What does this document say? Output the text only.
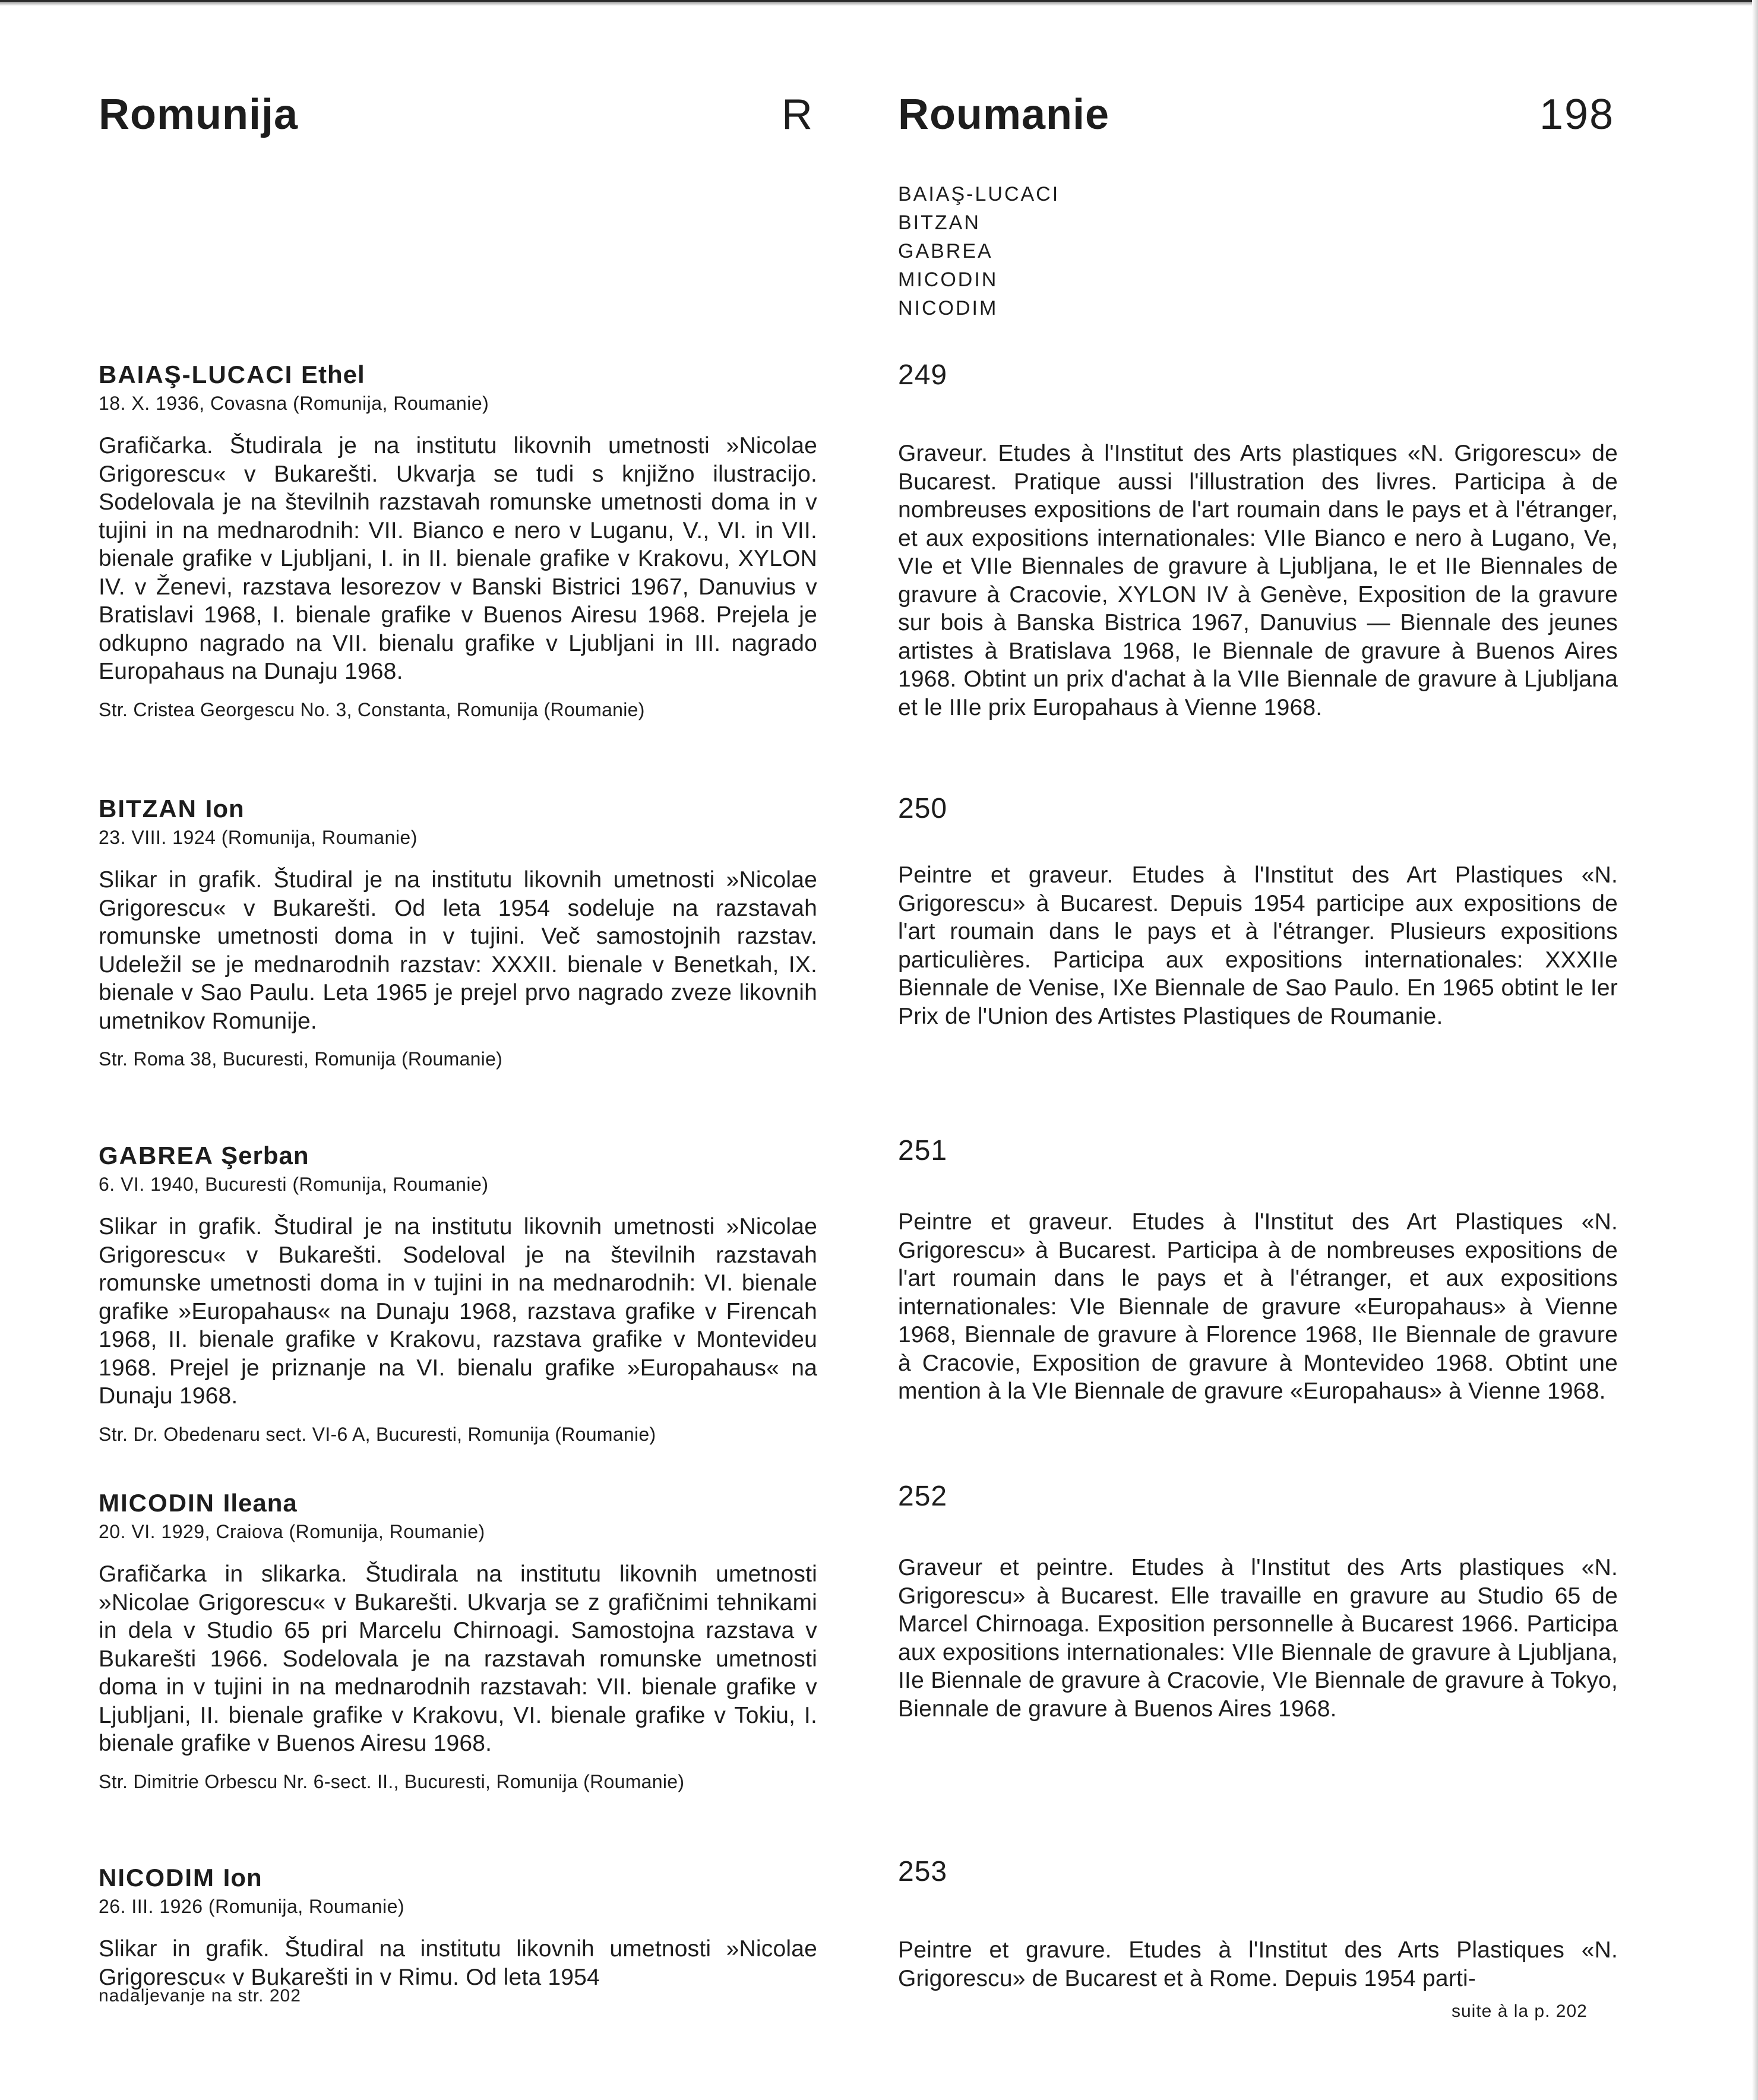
Romunija	R Roumanie	198
BAIAŞ-LUCACI
BITZAN
GABREA
MICODIN
NICODIM
BAIAŞ-LUCACI Ethel
18. X. 1936, Covasna (Romunija, Roumanie)

Grafičarka. Študirala je na institutu likovnih umetnosti »Nicolae Grigorescu« v Bukarešti. Ukvarja se tudi s knjižno ilustracijo. Sodelovala je na številnih razstavah romunske umetnosti doma in v tujini in na mednarodnih: VII. Bianco e nero v Luganu, V., VI. in VII. bienale grafike v Ljubljani, I. in II. bienale grafike v Krakovu, XYLON IV. v Ženevi, razstava lesorezov v Banski Bistrici 1967, Danuvius v Bratislavi 1968, I. bienale grafike v Buenos Airesu 1968. Prejela je odkupno nagrado na VII. bienalu grafike v Ljubljani in III. nagrado Europahaus na Dunaju 1968.

Str. Cristea Georgescu No. 3, Constanta, Romunija (Roumanie)
249

Graveur. Etudes à l'Institut des Arts plastiques «N. Grigorescu» de Bucarest. Pratique aussi l'illustration des livres. Participa à de nombreuses expositions de l'art roumain dans le pays et à l'étranger, et aux expositions internationales: VIIe Bianco e nero à Lugano, Ve, VIe et VIIe Biennales de gravure à Ljubljana, Ie et IIe Biennales de gravure à Cracovie, XYLON IV à Genève, Exposition de la gravure sur bois à Banska Bistrica 1967, Danuvius — Biennale des jeunes artistes à Bratislava 1968, Ie Biennale de gravure à Buenos Aires 1968. Obtint un prix d'achat à la VIIe Biennale de gravure à Ljubljana et le IIIe prix Europahaus à Vienne 1968.

BITZAN Ion
23. VIII. 1924 (Romunija, Roumanie)

Slikar in grafik. Študiral je na institutu likovnih umetnosti »Nicolae Grigorescu« v Bukarešti. Od leta 1954 sodeluje na razstavah romunske umetnosti doma in v tujini. Več samostojnih razstav. Udeležil se je mednarodnih razstav: XXXII. bienale v Benetkah, IX. bienale v Sao Paulu. Leta 1965 je prejel prvo nagrado zveze likovnih umetnikov Romunije.

Str. Roma 38, Bucuresti, Romunija (Roumanie)
250

Peintre et graveur. Etudes à l'Institut des Art Plastiques «N. Grigorescu» à Bucarest. Depuis 1954 participe aux expositions de l'art roumain dans le pays et à l'étranger. Plusieurs expositions particulières. Participa aux expositions internationales: XXXIIe Biennale de Venise, IXe Biennale de Sao Paulo. En 1965 obtint le Ier Prix de l'Union des Artistes Plastiques de Roumanie.

GABREA Şerban
6. VI. 1940, Bucuresti (Romunija, Roumanie)

Slikar in grafik. Študiral je na institutu likovnih umetnosti »Nicolae Grigorescu« v Bukarešti. Sodeloval je na številnih razstavah romunske umetnosti doma in v tujini in na mednarodnih: VI. bienale grafike »Europahaus« na Dunaju 1968, razstava grafike v Firencah 1968, II. bienale grafike v Krakovu, razstava grafike v Montevideu 1968. Prejel je priznanje na VI. bienalu grafike »Europahaus« na Dunaju 1968.

Str. Dr. Obedenaru sect. VI-6 A, Bucuresti, Romunija (Roumanie)
251

Peintre et graveur. Etudes à l'Institut des Art Plastiques «N. Grigorescu» à Bucarest. Participa à de nombreuses expositions de l'art roumain dans le pays et à l'étranger, et aux expositions internationales: VIe Biennale de gravure «Europahaus» à Vienne 1968, Biennale de gravure à Florence 1968, IIe Biennale de gravure à Cracovie, Exposition de gravure à Montevideo 1968. Obtint une mention à la VIe Biennale de gravure «Europahaus» à Vienne 1968.

MICODIN Ileana
20. VI. 1929, Craiova (Romunija, Roumanie)

Grafičarka in slikarka. Študirala na institutu likovnih umetnosti »Nicolae Grigorescu« v Bukarešti. Ukvarja se z grafičnimi tehnikami in dela v Studio 65 pri Marcelu Chirnoagi. Samostojna razstava v Bukarešti 1966. Sodelovala je na razstavah romunske umetnosti doma in v tujini in na mednarodnih razstavah: VII. bienale grafike v Ljubljani, II. bienale grafike v Krakovu, VI. bienale grafike v Tokiu, I. bienale grafike v Buenos Airesu 1968.

Str. Dimitrie Orbescu Nr. 6-sect. II., Bucuresti, Romunija (Roumanie)
252

Graveur et peintre. Etudes à l'Institut des Arts plastiques «N. Grigorescu» à Bucarest. Elle travaille en gravure au Studio 65 de Marcel Chirnoaga. Exposition personnelle à Bucarest 1966. Participa aux expositions internationales: VIIe Biennale de gravure à Ljubljana, IIe Biennale de gravure à Cracovie, VIe Biennale de gravure à Tokyo, Biennale de gravure à Buenos Aires 1968.

NICODIM Ion
26. III. 1926 (Romunija, Roumanie)

Slikar in grafik. Študiral na institutu likovnih umetnosti »Nicolae Grigorescu« v Bukarešti in v Rimu. Od leta 1954

253

Peintre et gravure. Etudes à l'Institut des Arts Plastiques «N. Grigorescu» de Bucarest et à Rome. Depuis 1954 parti-

nadaljevanje na str. 202
suite à la p. 202
